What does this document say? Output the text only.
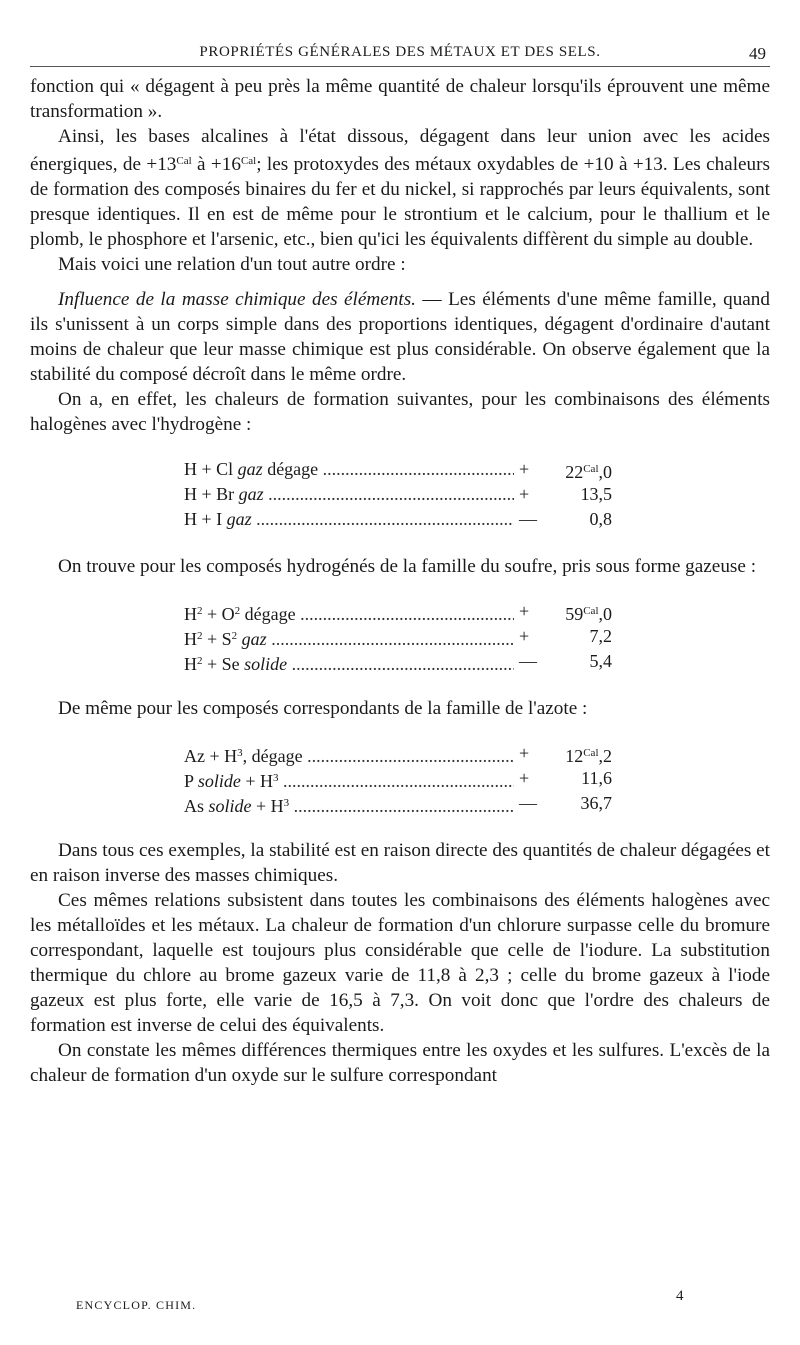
PROPRIÉTÉS GÉNÉRALES DES MÉTAUX ET DES SELS.	49

fonction qui « dégagent à peu près la même quantité de chaleur lorsqu'ils éprouvent une même transformation ».

Ainsi, les bases alcalines à l'état dissous, dégagent dans leur union avec les acides énergiques, de $+13^{Cal}$ à $+16^{Cal}$; les protoxydes des métaux oxydables de +10 à +13. Les chaleurs de formation des composés binaires du fer et du nickel, si rapprochés par leurs équivalents, sont presque identiques. Il en est de même pour le strontium et le calcium, pour le thallium et le plomb, le phosphore et l'arsenic, etc., bien qu'ici les équivalents diffèrent du simple au double.

Mais voici une relation d'un tout autre ordre :

Influence de la masse chimique des éléments. — Les éléments d'une même famille, quand ils s'unissent à un corps simple dans des proportions identiques, dégagent d'ordinaire d'autant moins de chaleur que leur masse chimique est plus considérable. On observe également que la stabilité du composé décroît dans le même ordre.

On a, en effet, les chaleurs de formation suivantes, pour les combinaisons des éléments halogènes avec l'hydrogène :

H + Cl gaz dégage .....	+	$22^{Cal},0$
H + Br gaz .....	+	13,5
H + I gaz .....	—	0,8

On trouve pour les composés hydrogénés de la famille du soufre, pris sous forme gazeuse :

$H^2 + O^2$ dégage .....	+	$59^{Cal},0$
$H^2 + S^2$ gaz .....	+	7,2
$H^2 + Se$ solide .....	—	5,4

De même pour les composés correspondants de la famille de l'azote :

$Az + H^3$, dégage .....	+	$12^{Cal},2$
P solide + $H^3$ .....	+	11,6
As solide + $H^3$ .....	—	36,7

Dans tous ces exemples, la stabilité est en raison directe des quantités de chaleur dégagées et en raison inverse des masses chimiques.

Ces mêmes relations subsistent dans toutes les combinaisons des éléments halogènes avec les métalloïdes et les métaux. La chaleur de formation d'un chlorure surpasse celle du bromure correspondant, laquelle est toujours plus considérable que celle de l'iodure. La substitution thermique du chlore au brome gazeux varie de 11,8 à 2,3 ; celle du brome gazeux à l'iode gazeux est plus forte, elle varie de 16,5 à 7,3. On voit donc que l'ordre des chaleurs de formation est inverse de celui des équivalents.

On constate les mêmes différences thermiques entre les oxydes et les sulfures. L'excès de la chaleur de formation d'un oxyde sur le sulfure correspondant

ENCYCLOP. CHIM.
4
